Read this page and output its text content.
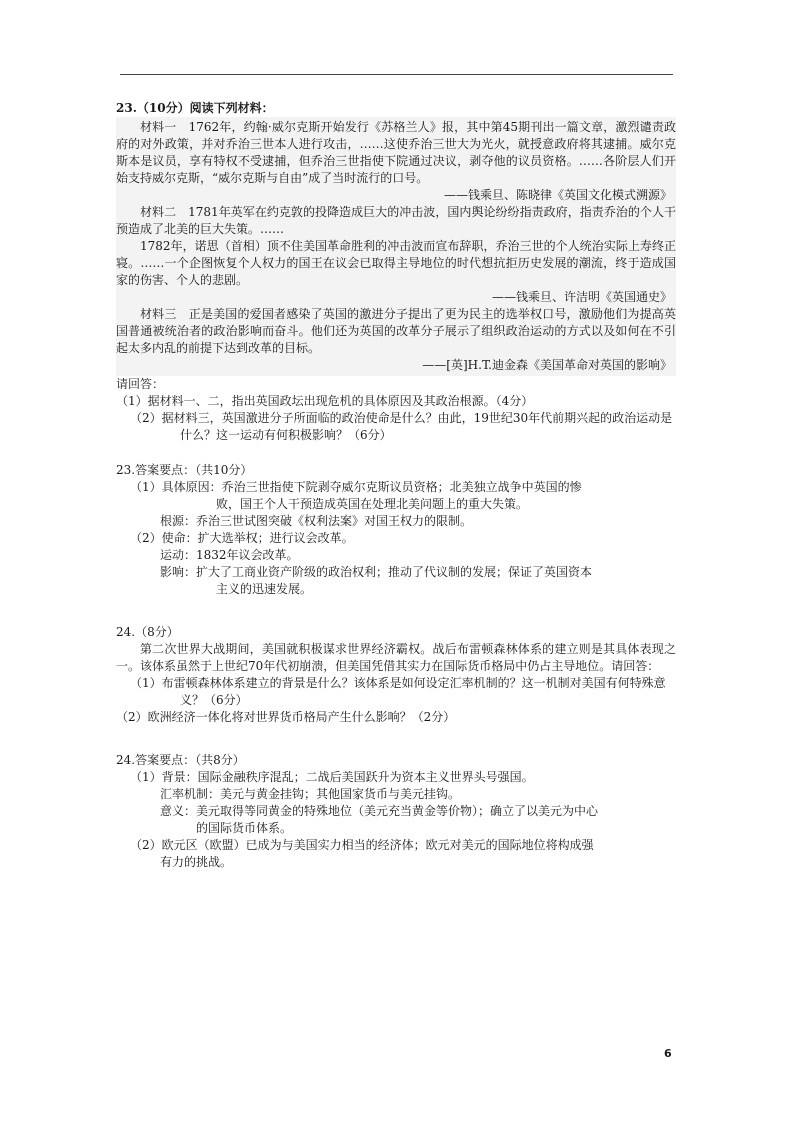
23.（10分）阅读下列材料：

材料一　1762年，约翰·威尔克斯开始发行《苏格兰人》报，其中第45期刊出一篇文章，激烈谴责政府的对外政策，并对乔治三世本人进行攻击，……这使乔治三世大为光火，就授意政府将其逮捕。威尔克斯本是议员，享有特权不受逮捕，但乔治三世指使下院通过决议，剥夺他的议员资格。……各阶层人们开始支持威尔克斯，“威尔克斯与自由”成了当时流行的口号。

——钱乘旦、陈晓律《英国文化模式溯源》

材料二　1781年英军在约克敦的投降造成巨大的冲击波，国内舆论纷纷指责政府，指责乔治的个人干预造成了北美的巨大失策。……

1782年，诺思（首相）顶不住美国革命胜利的冲击波而宣布辞职，乔治三世的个人统治实际上寿终正寝。……一个企图恢复个人权力的国王在议会已取得主导地位的时代想抗拒历史发展的潮流，终于造成国家的伤害、个人的悲剧。

——钱乘旦、许洁明《英国通史》

材料三　正是美国的爱国者感染了英国的激进分子提出了更为民主的选举权口号，激励他们为提高英国普通被统治者的政治影响而奋斗。他们还为英国的改革分子展示了组织政治运动的方式以及如何在不引起太多内乱的前提下达到改革的目标。

——[英]H.T.迪金森《美国革命对英国的影响》

请回答：

（1）据材料一、二，指出英国政坛出现危机的具体原因及其政治根源。（4分）

（2）据材料三，英国激进分子所面临的政治使命是什么？由此，19世纪30年代前期兴起的政治运动是什么？这一运动有何积极影响？（6分）

23.答案要点：（共10分）

（1）具体原因：乔治三世指使下院剥夺威尔克斯议员资格；北美独立战争中英国的惨

败，国王个人干预造成英国在处理北美问题上的重大失策。

根源：乔治三世试图突破《权利法案》对国王权力的限制。

（2）使命：扩大选举权；进行议会改革。

运动：1832年议会改革。

影响：扩大了工商业资产阶级的政治权利；推动了代议制的发展；保证了英国资本

主义的迅速发展。

24.（8分）

第二次世界大战期间，美国就积极谋求世界经济霸权。战后布雷顿森林体系的建立则是其具体表现之一。该体系虽然于上世纪70年代初崩溃，但美国凭借其实力在国际货币格局中仍占主导地位。请回答：

（1）布雷顿森林体系建立的背景是什么？该体系是如何设定汇率机制的？这一机制对美国有何特殊意义？（6分）

（2）欧洲经济一体化将对世界货币格局产生什么影响？（2分）

24.答案要点：（共8分）

（1）背景：国际金融秩序混乱；二战后美国跃升为资本主义世界头号强国。

汇率机制：美元与黄金挂钩；其他国家货币与美元挂钩。

意义：美元取得等同黄金的特殊地位（美元充当黄金等价物）；确立了以美元为中心

的国际货币体系。

（2）欧元区（欧盟）已成为与美国实力相当的经济体；欧元对美元的国际地位将构成强

有力的挑战。

6
